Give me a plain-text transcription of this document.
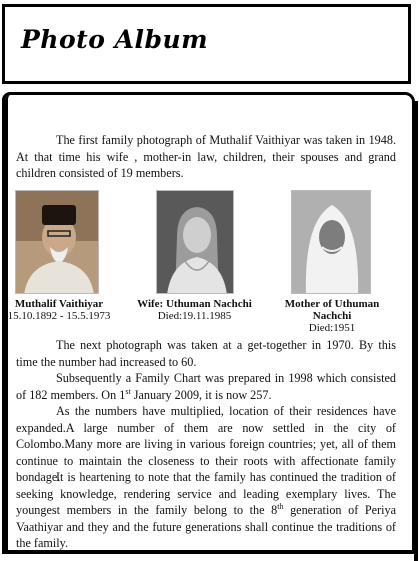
Photo Album

The first family photograph of Muthalif Vaithiyar was taken in 1948. At that time his wife , mother-in law, children, their spouses and grand children consisted of 19 members.

Muthalif Vaithiyar
15.10.1892 - 15.5.1973
Wife: Uthuman Nachchi
Died:19.11.1985
Mother of Uthuman Nachchi
Died:1951

The next photograph was taken at a get-together in 1970. By this time the number had increased to 60.

Subsequently a Family Chart was prepared in 1998 which consisted of 182 members. On 1st January 2009, it is now 257.

As the numbers have multiplied, location of their residences have expanded.A large number of them are now settled in the city of Colombo.Many more are living in various foreign countries; yet, all of them continue to maintain the closeness to their roots with affectionate family bondage.

It is heartening to note that the family has continued the tradition of seeking knowledge, rendering service and leading exemplary lives. The youngest members in the family belong to the 8th generation of Periya Vaathiyar and they and the future generations shall continue the traditions of the family.
